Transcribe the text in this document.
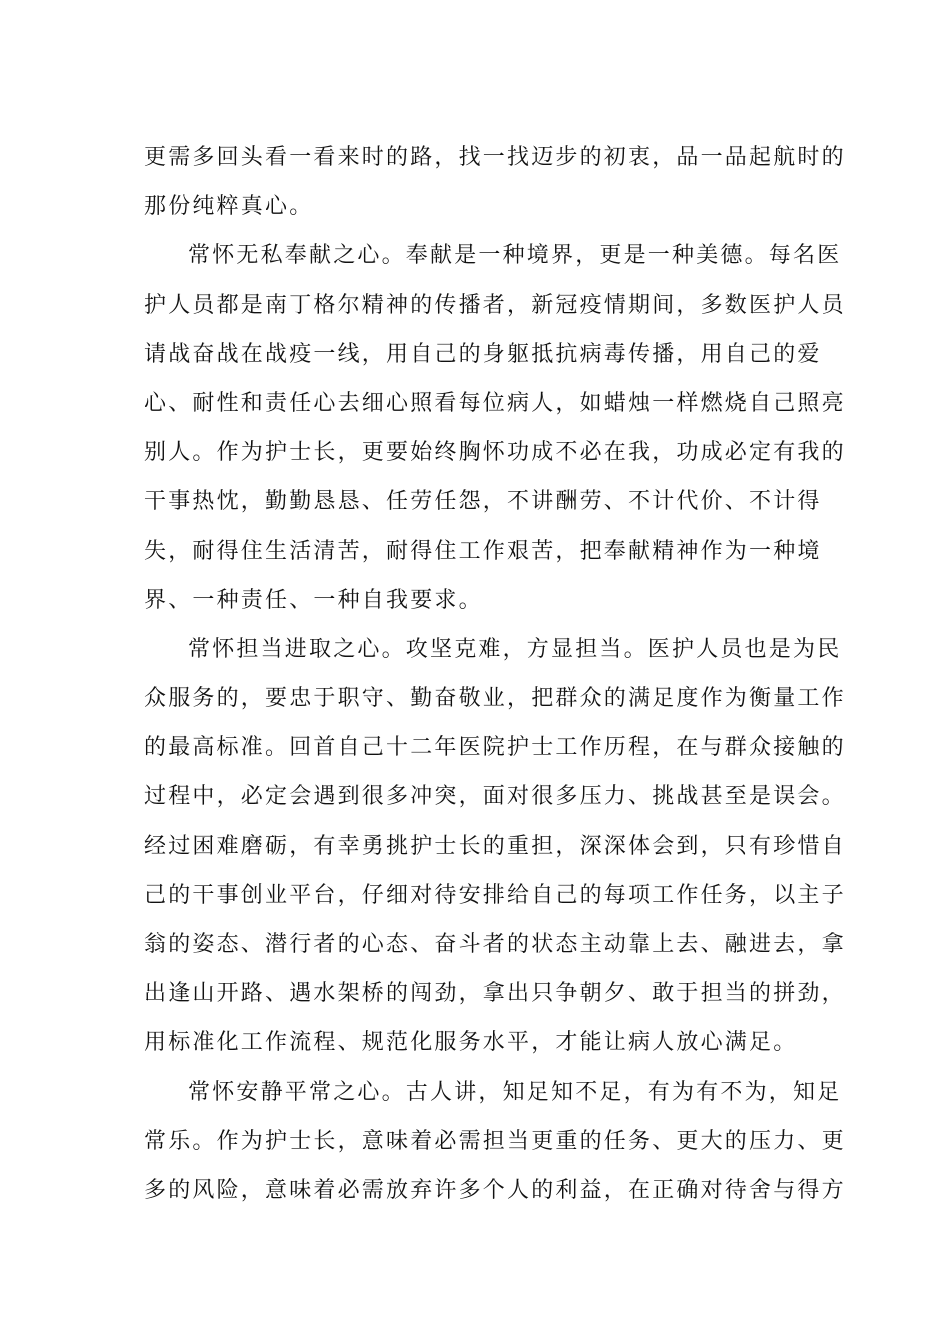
更需多回头看一看来时的路，找一找迈步的初衷，品一品起航时的
那份纯粹真心。
常怀无私奉献之心。奉献是一种境界，更是一种美德。每名医
护人员都是南丁格尔精神的传播者，新冠疫情期间，多数医护人员
请战奋战在战疫一线，用自己的身躯抵抗病毒传播，用自己的爱
心、耐性和责任心去细心照看每位病人，如蜡烛一样燃烧自己照亮
别人。作为护士长，更要始终胸怀功成不必在我，功成必定有我的
干事热忱，勤勤恳恳、任劳任怨，不讲酬劳、不计代价、不计得
失，耐得住生活清苦，耐得住工作艰苦，把奉献精神作为一种境
界、一种责任、一种自我要求。
常怀担当进取之心。攻坚克难，方显担当。医护人员也是为民
众服务的，要忠于职守、勤奋敬业，把群众的满足度作为衡量工作
的最高标准。回首自己十二年医院护士工作历程，在与群众接触的
过程中，必定会遇到很多冲突，面对很多压力、挑战甚至是误会。
经过困难磨砺，有幸勇挑护士长的重担，深深体会到，只有珍惜自
己的干事创业平台，仔细对待安排给自己的每项工作任务，以主子
翁的姿态、潜行者的心态、奋斗者的状态主动靠上去、融进去，拿
出逢山开路、遇水架桥的闯劲，拿出只争朝夕、敢于担当的拼劲，
用标准化工作流程、规范化服务水平，才能让病人放心满足。
常怀安静平常之心。古人讲，知足知不足，有为有不为，知足
常乐。作为护士长，意味着必需担当更重的任务、更大的压力、更
多的风险，意味着必需放弃许多个人的利益，在正确对待舍与得方
